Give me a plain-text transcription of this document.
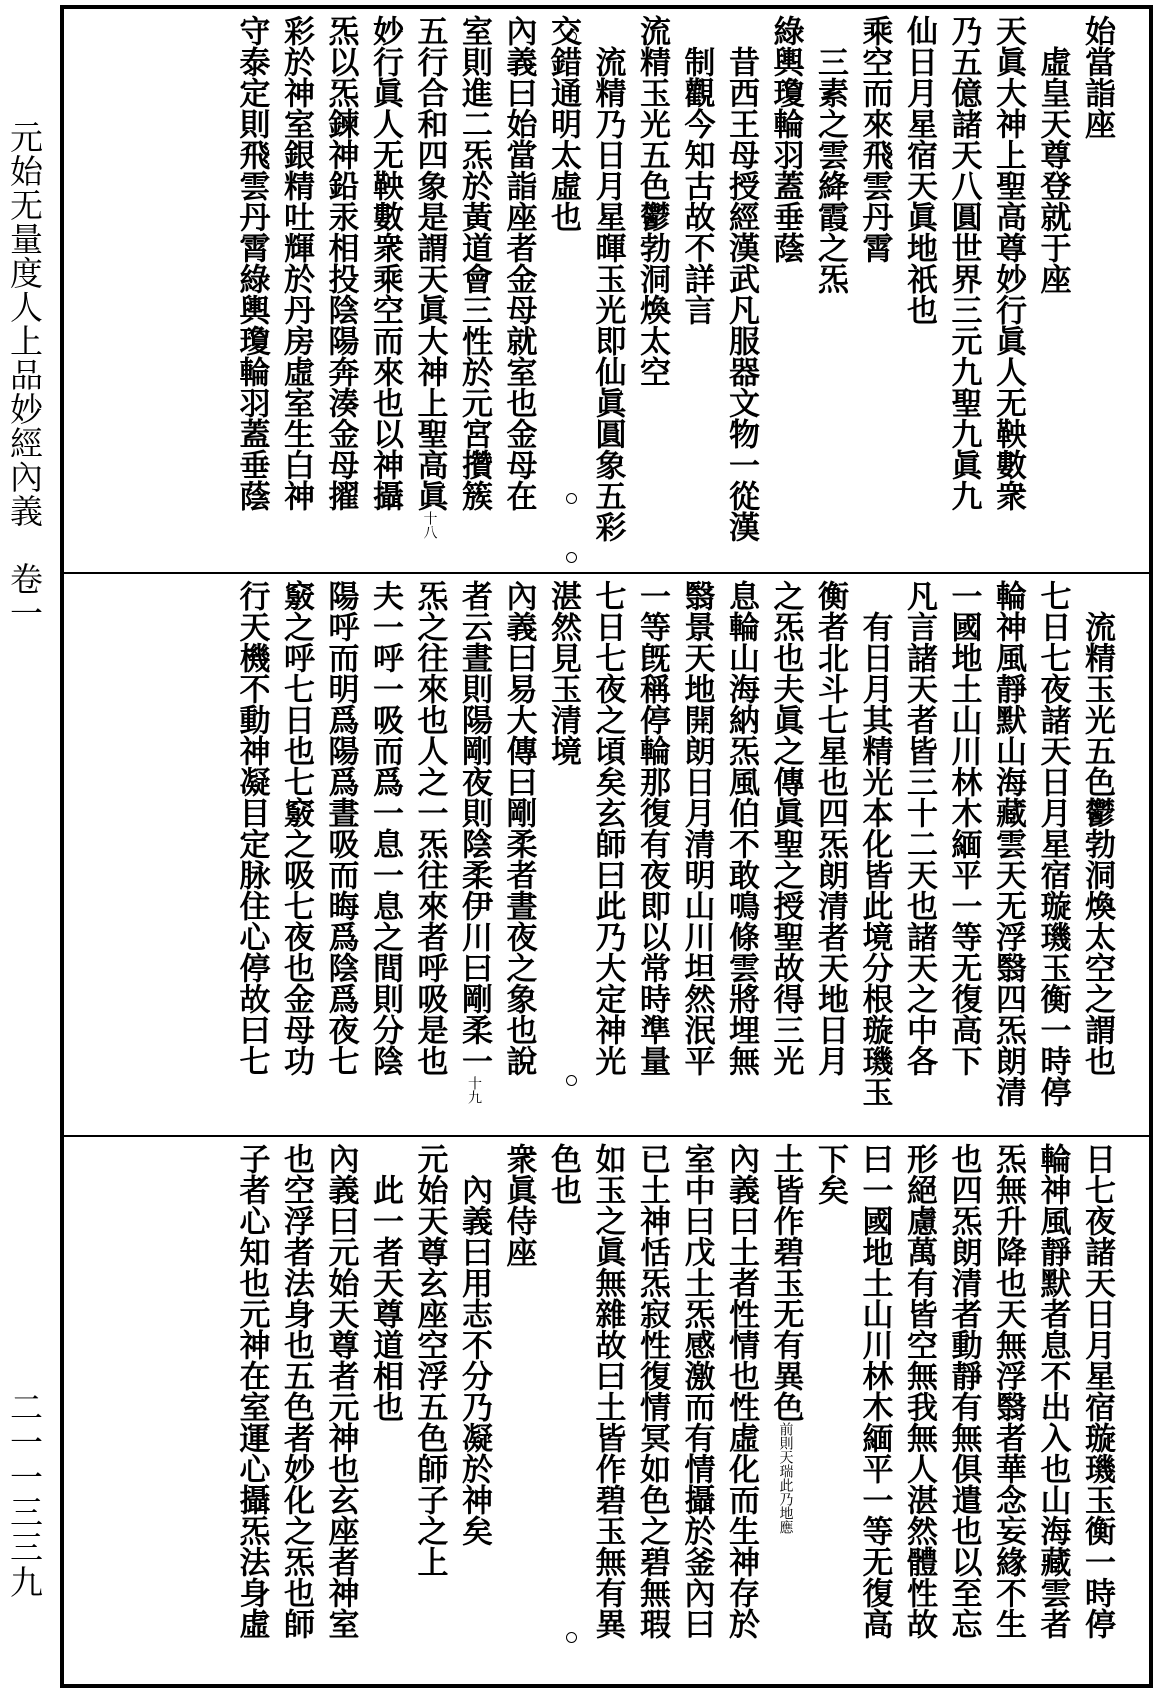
元始无量度人上品妙經內義　卷一
二一一三三九
始當詣座
虛皇天尊登就于座
天眞大神上聖高尊妙行眞人无鞅數衆
乃五億諸天八圓世界三元九聖九眞九
仙日月星宿天眞地祇也
乘空而來飛雲丹霄
三素之雲絳霞之炁
綠輿瓊輪羽蓋垂蔭
昔西王母授經漢武凡服器文物一從漢
制觀今知古故不詳言
流精玉光五色鬱勃洞煥太空
流精乃日月星暉玉光即仙眞圓象五彩
交錯通明太虛也
內義曰始當詣座者金母就室也金母在
室則進二炁於黃道會三性於元宮攢簇
五行合和四象是謂天眞大神上聖高眞十八
妙行眞人无鞅數衆乘空而來也以神攝
炁以炁鍊神鉛汞相投陰陽奔湊金母擢
彩於神室銀精吐輝於丹房虛室生白神
守泰定則飛雲丹霄綠輿瓊輪羽蓋垂蔭
流精玉光五色鬱勃洞煥太空之謂也
七日七夜諸天日月星宿璇璣玉衡一時停
輪神風靜默山海藏雲天无浮翳四炁朗清
一國地土山川林木緬平一等无復高下
凡言諸天者皆三十二天也諸天之中各
有日月其精光本化皆此境分根璇璣玉
衡者北斗七星也四炁朗清者天地日月
之炁也夫眞之傳眞聖之授聖故得三光
息輪山海納炁風伯不敢鳴條雲將埋無
翳景天地開朗日月清明山川坦然泯平
一等旣稱停輪那復有夜即以常時準量
七日七夜之頃矣玄師曰此乃大定神光
湛然見玉清境
內義曰易大傳曰剛柔者晝夜之象也說
者云晝則陽剛夜則陰柔伊川曰剛柔一十九
炁之往來也人之一炁往來者呼吸是也
夫一呼一吸而爲一息一息之間則分陰
陽呼而明爲陽爲晝吸而晦爲陰爲夜七
竅之呼七日也七竅之吸七夜也金母功
行天機不動神凝目定脉住心停故曰七
日七夜諸天日月星宿璇璣玉衡一時停
輪神風靜默者息不出入也山海藏雲者
炁無升降也天無浮翳者華念妄緣不生
也四炁朗清者動靜有無俱遣也以至忘
形絕慮萬有皆空無我無人湛然體性故
曰一國地土山川林木緬平一等无復高
下矣
土皆作碧玉无有異色前則天瑞此乃地應
內義曰土者性情也性虛化而生神存於
室中曰戊土炁感激而有情攝於釜內曰
已土神恬炁寂性復情冥如色之碧無瑕
如玉之眞無雜故曰土皆作碧玉無有異
色也
衆眞侍座
內義曰用志不分乃凝於神矣
元始天尊玄座空浮五色師子之上
此一者天尊道相也
內義曰元始天尊者元神也玄座者神室
也空浮者法身也五色者妙化之炁也師
子者心知也元神在室運心攝炁法身虛
